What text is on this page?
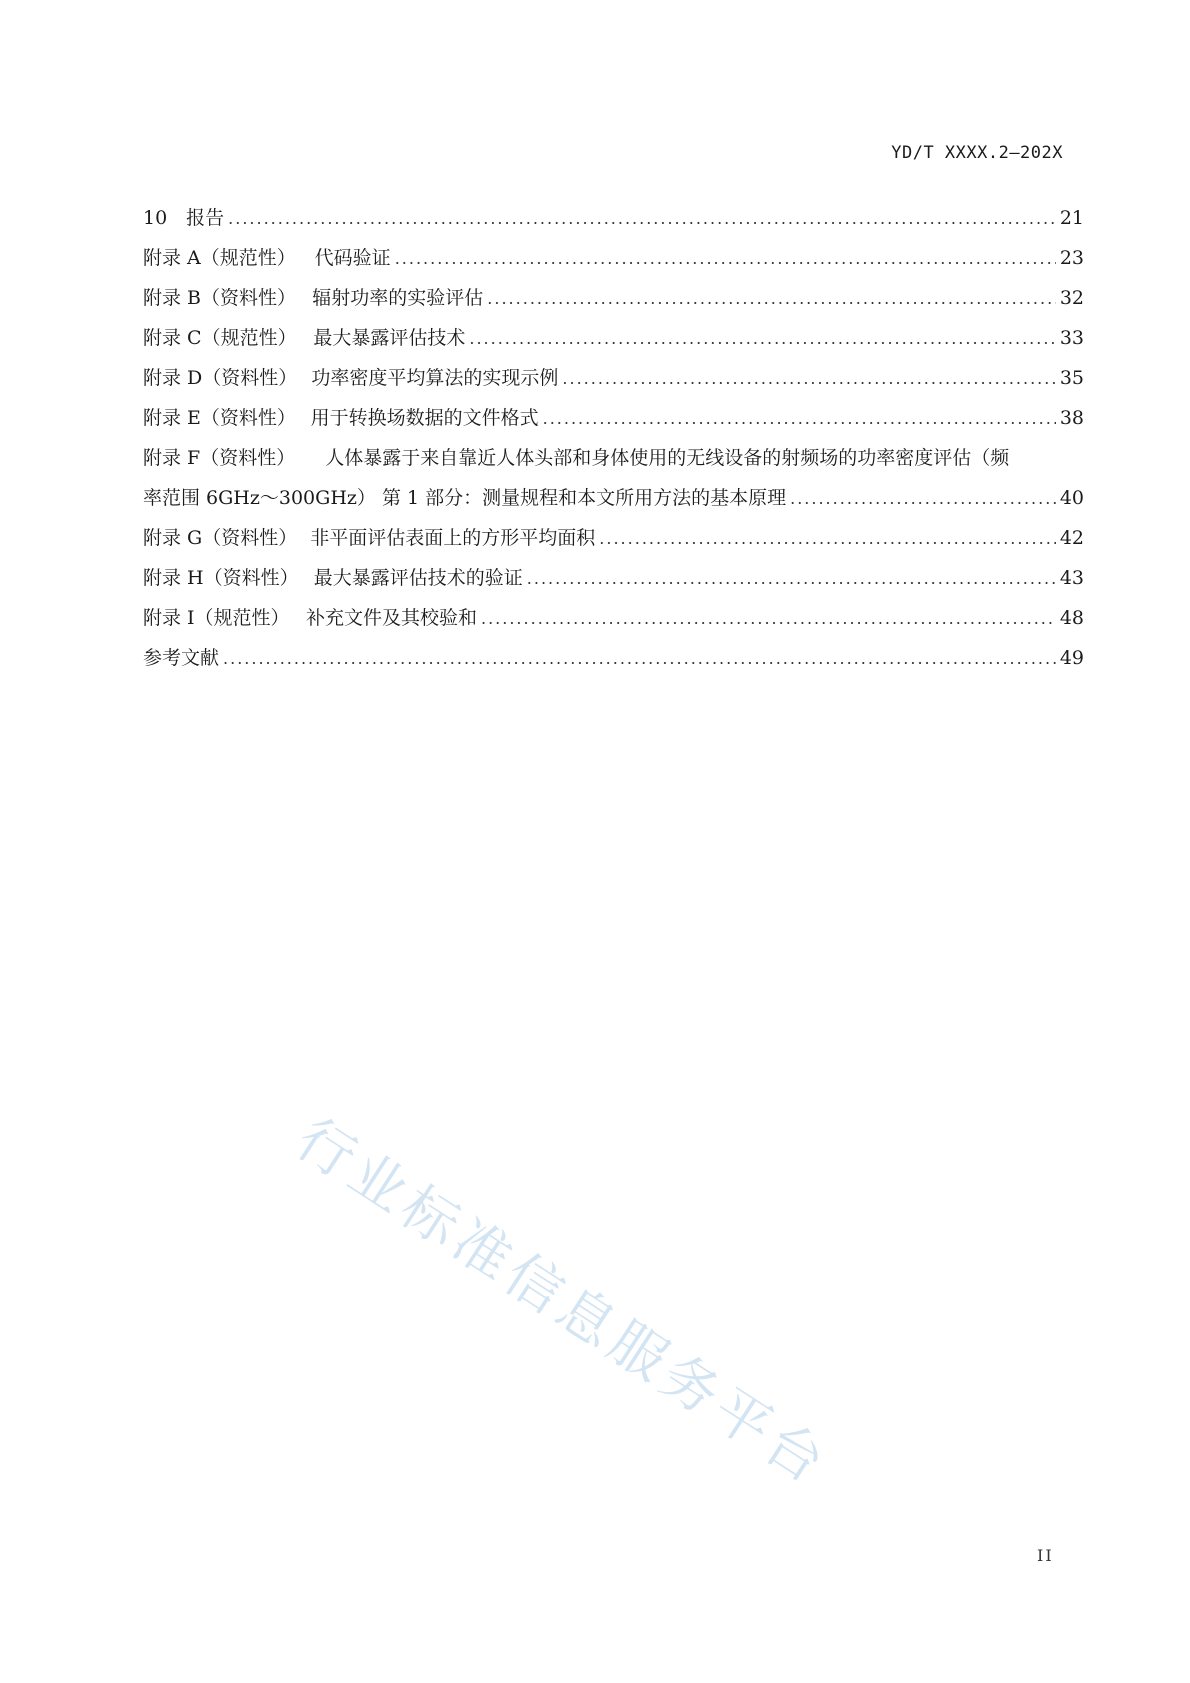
YD/T XXXX.2—202X
10 报告 .....	21
附录 A（规范性） 代码验证 .....	23
附录 B（资料性） 辐射功率的实验评估 .....	32
附录 C（规范性） 最大暴露评估技术 .....	33
附录 D（资料性） 功率密度平均算法的实现示例 .....	35
附录 E（资料性） 用于转换场数据的文件格式 .....	38
附录 F（资料性） 人体暴露于来自靠近人体头部和身体使用的无线设备的射频场的功率密度评估（频
率范围 6GHz～300GHz） 第 1 部分：测量规程和本文所用方法的基本原理 .....	40
附录 G（资料性） 非平面评估表面上的方形平均面积 .....	42
附录 H（资料性） 最大暴露评估技术的验证 .....	43
附录 I（规范性） 补充文件及其校验和 .....	48
参考文献 .....	49
行业标准信息服务平台
II
